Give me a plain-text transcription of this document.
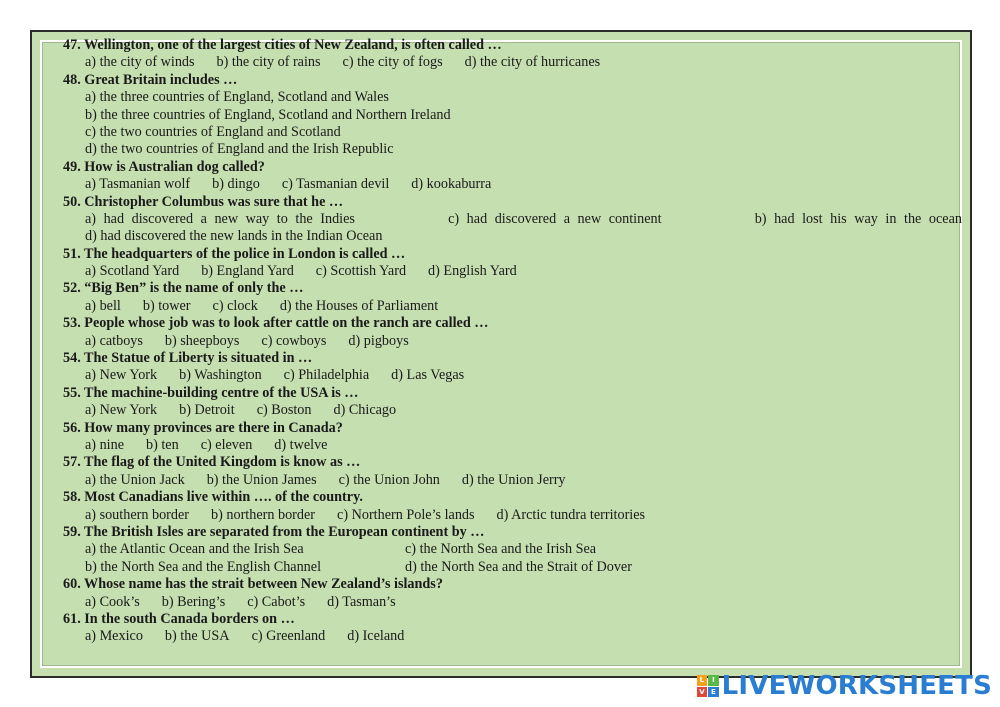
47. Wellington, one of the largest cities of New Zealand, is often called …

a) the city of winds b) the city of rains c) the city of fogs d) the city of hurricanes

48. Great Britain includes …

a) the three countries of England, Scotland and Wales
b) the three countries of England, Scotland and Northern Ireland
c) the two countries of England and Scotland
d) the two countries of England and the Irish Republic

49. How is Australian dog called?

a) Tasmanian wolf b) dingo c) Tasmanian devil d) kookaburra

50. Christopher Columbus was sure that he …

a) had discovered a new way to the Indies	c) had discovered a new continent	b) had lost his way in the ocean
d) had discovered the new lands in the Indian Ocean

51. The headquarters of the police in London is called …

a) Scotland Yard b) England Yard c) Scottish Yard d) English Yard

52. “Big Ben” is the name of only the …

a) bell b) tower c) clock d) the Houses of Parliament

53. People whose job was to look after cattle on the ranch are called …

a) catboys b) sheepboys c) cowboys d) pigboys

54. The Statue of Liberty is situated in …

a) New York b) Washington c) Philadelphia d) Las Vegas

55. The machine-building centre of the USA is …

a) New York b) Detroit c) Boston d) Chicago

56. How many provinces are there in Canada?

a) nine b) ten c) eleven d) twelve

57. The flag of the United Kingdom is know as …

a) the Union Jack b) the Union James c) the Union John d) the Union Jerry

58. Most Canadians live within …. of the country.

a) southern border b) northern border c) Northern Pole’s lands d) Arctic tundra territories

59. The British Isles are separated from the European continent by …

a) the Atlantic Ocean and the Irish Sea	c) the North Sea and the Irish Sea
b) the North Sea and the English Channel	d) the North Sea and the Strait of Dover

60. Whose name has the strait between New Zealand’s islands?

a) Cook’s b) Bering’s c) Cabot’s d) Tasman’s

61. In the south Canada borders on …

a) Mexico b) the USA c) Greenland d) Iceland

L	I
V E LIVEWORKSHEETS
